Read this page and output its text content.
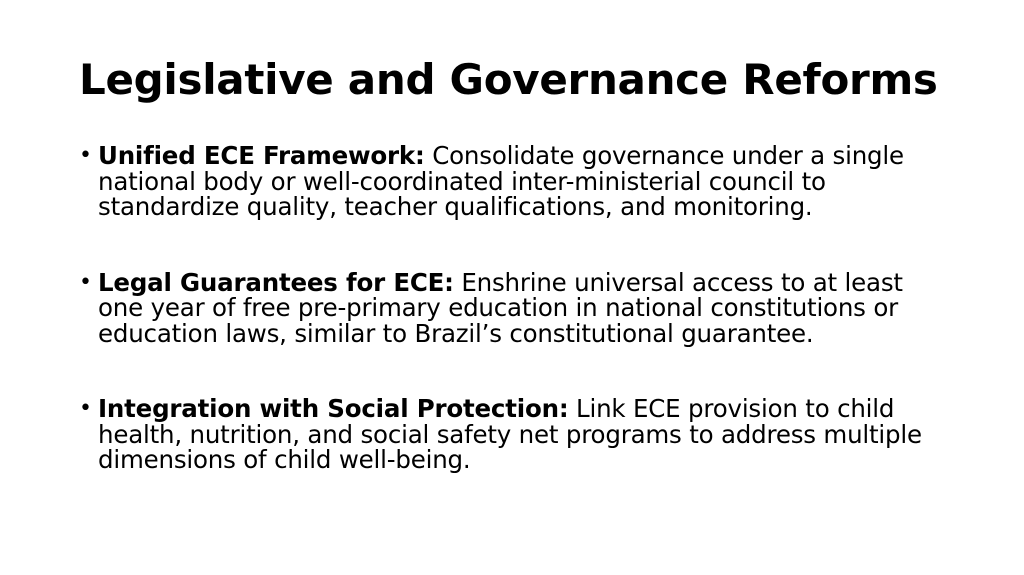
Legislative and Governance Reforms
• Unified ECE Framework: Consolidate governance under a single national body or well-coordinated inter-ministerial council to standardize quality, teacher qualifications, and monitoring.
• Legal Guarantees for ECE: Enshrine universal access to at least one year of free pre-primary education in national constitutions or education laws, similar to Brazil’s constitutional guarantee.
• Integration with Social Protection: Link ECE provision to child health, nutrition, and social safety net programs to address multiple dimensions of child well-being.
